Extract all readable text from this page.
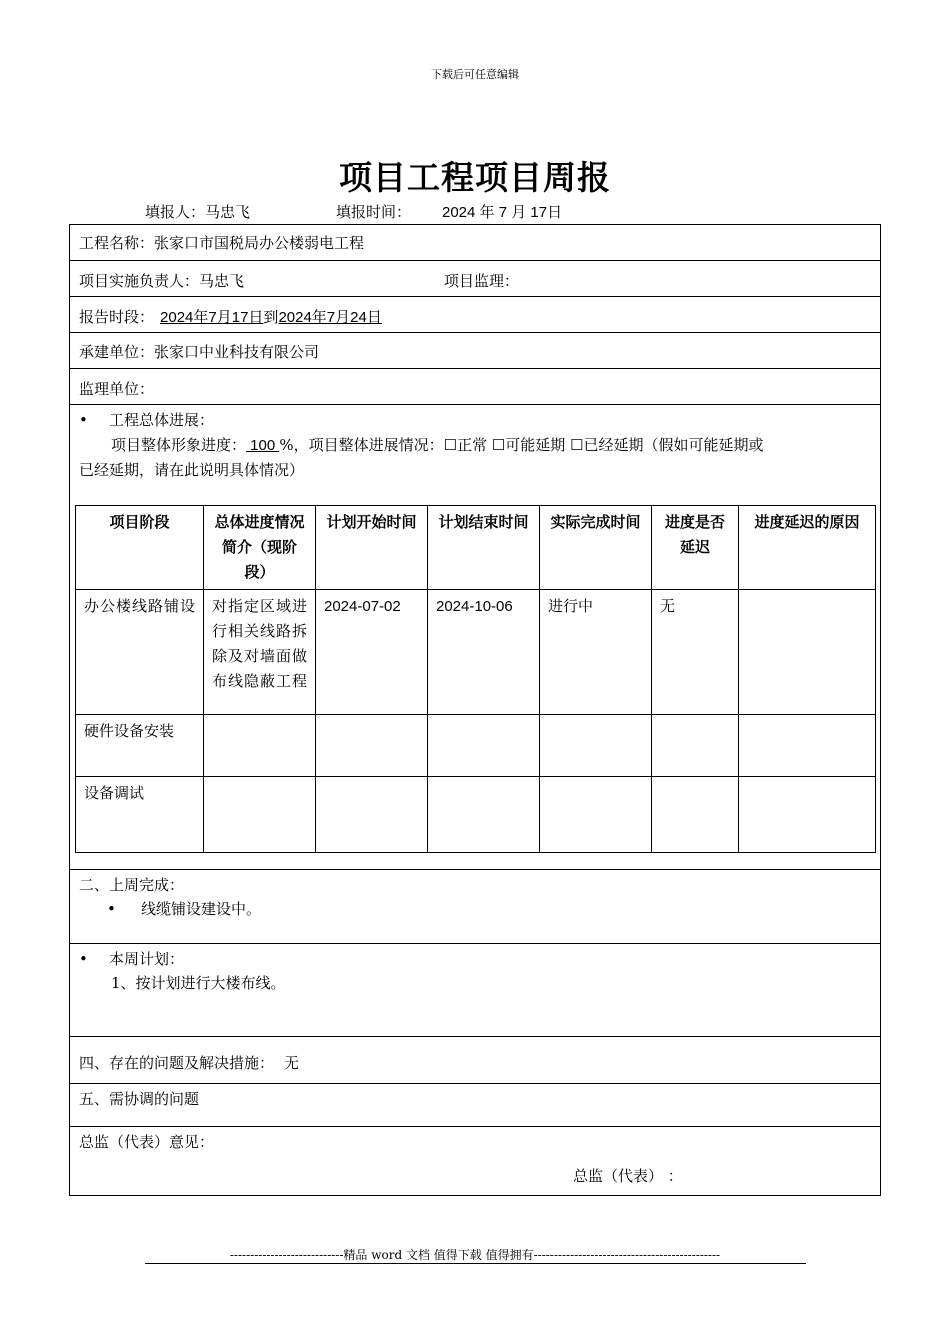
下载后可任意编辑
项目工程项目周报
填报人：马忠飞	填报时间： 2024 年 7 月 17日
工程名称：张家口市国税局办公楼弱电工程
项目实施负责人：马忠飞	项目监理：
报告时段： 2024年7月17日到2024年7月24日
承建单位：张家口中业科技有限公司
监理单位：
• 工程总体进展：
项目整体形象进度： 100 %，项目整体进展情况：☐正常 ☐可能延期 ☐已经延期（假如可能延期或
已经延期，请在此说明具体情况）
项目阶段	总体进度情况简介（现阶段）	计划开始时间	计划结束时间	实际完成时间	进度是否延迟	进度延迟的原因
办公楼线路铺设	对指定区域进行相关线路拆除及对墙面做布线隐蔽工程	2024-07-02	2024-10-06	进行中	无	
硬件设备安装						
设备调试						
二、上周完成：
• 线缆铺设建设中。
• 本周计划：
1、按计划进行大楼布线。
四、存在的问题及解决措施： 无
五、需协调的问题
总监（代表）意见：
总监（代表） ：
----------------------------精品 word 文档 值得下载 值得拥有----------------------------------------------
